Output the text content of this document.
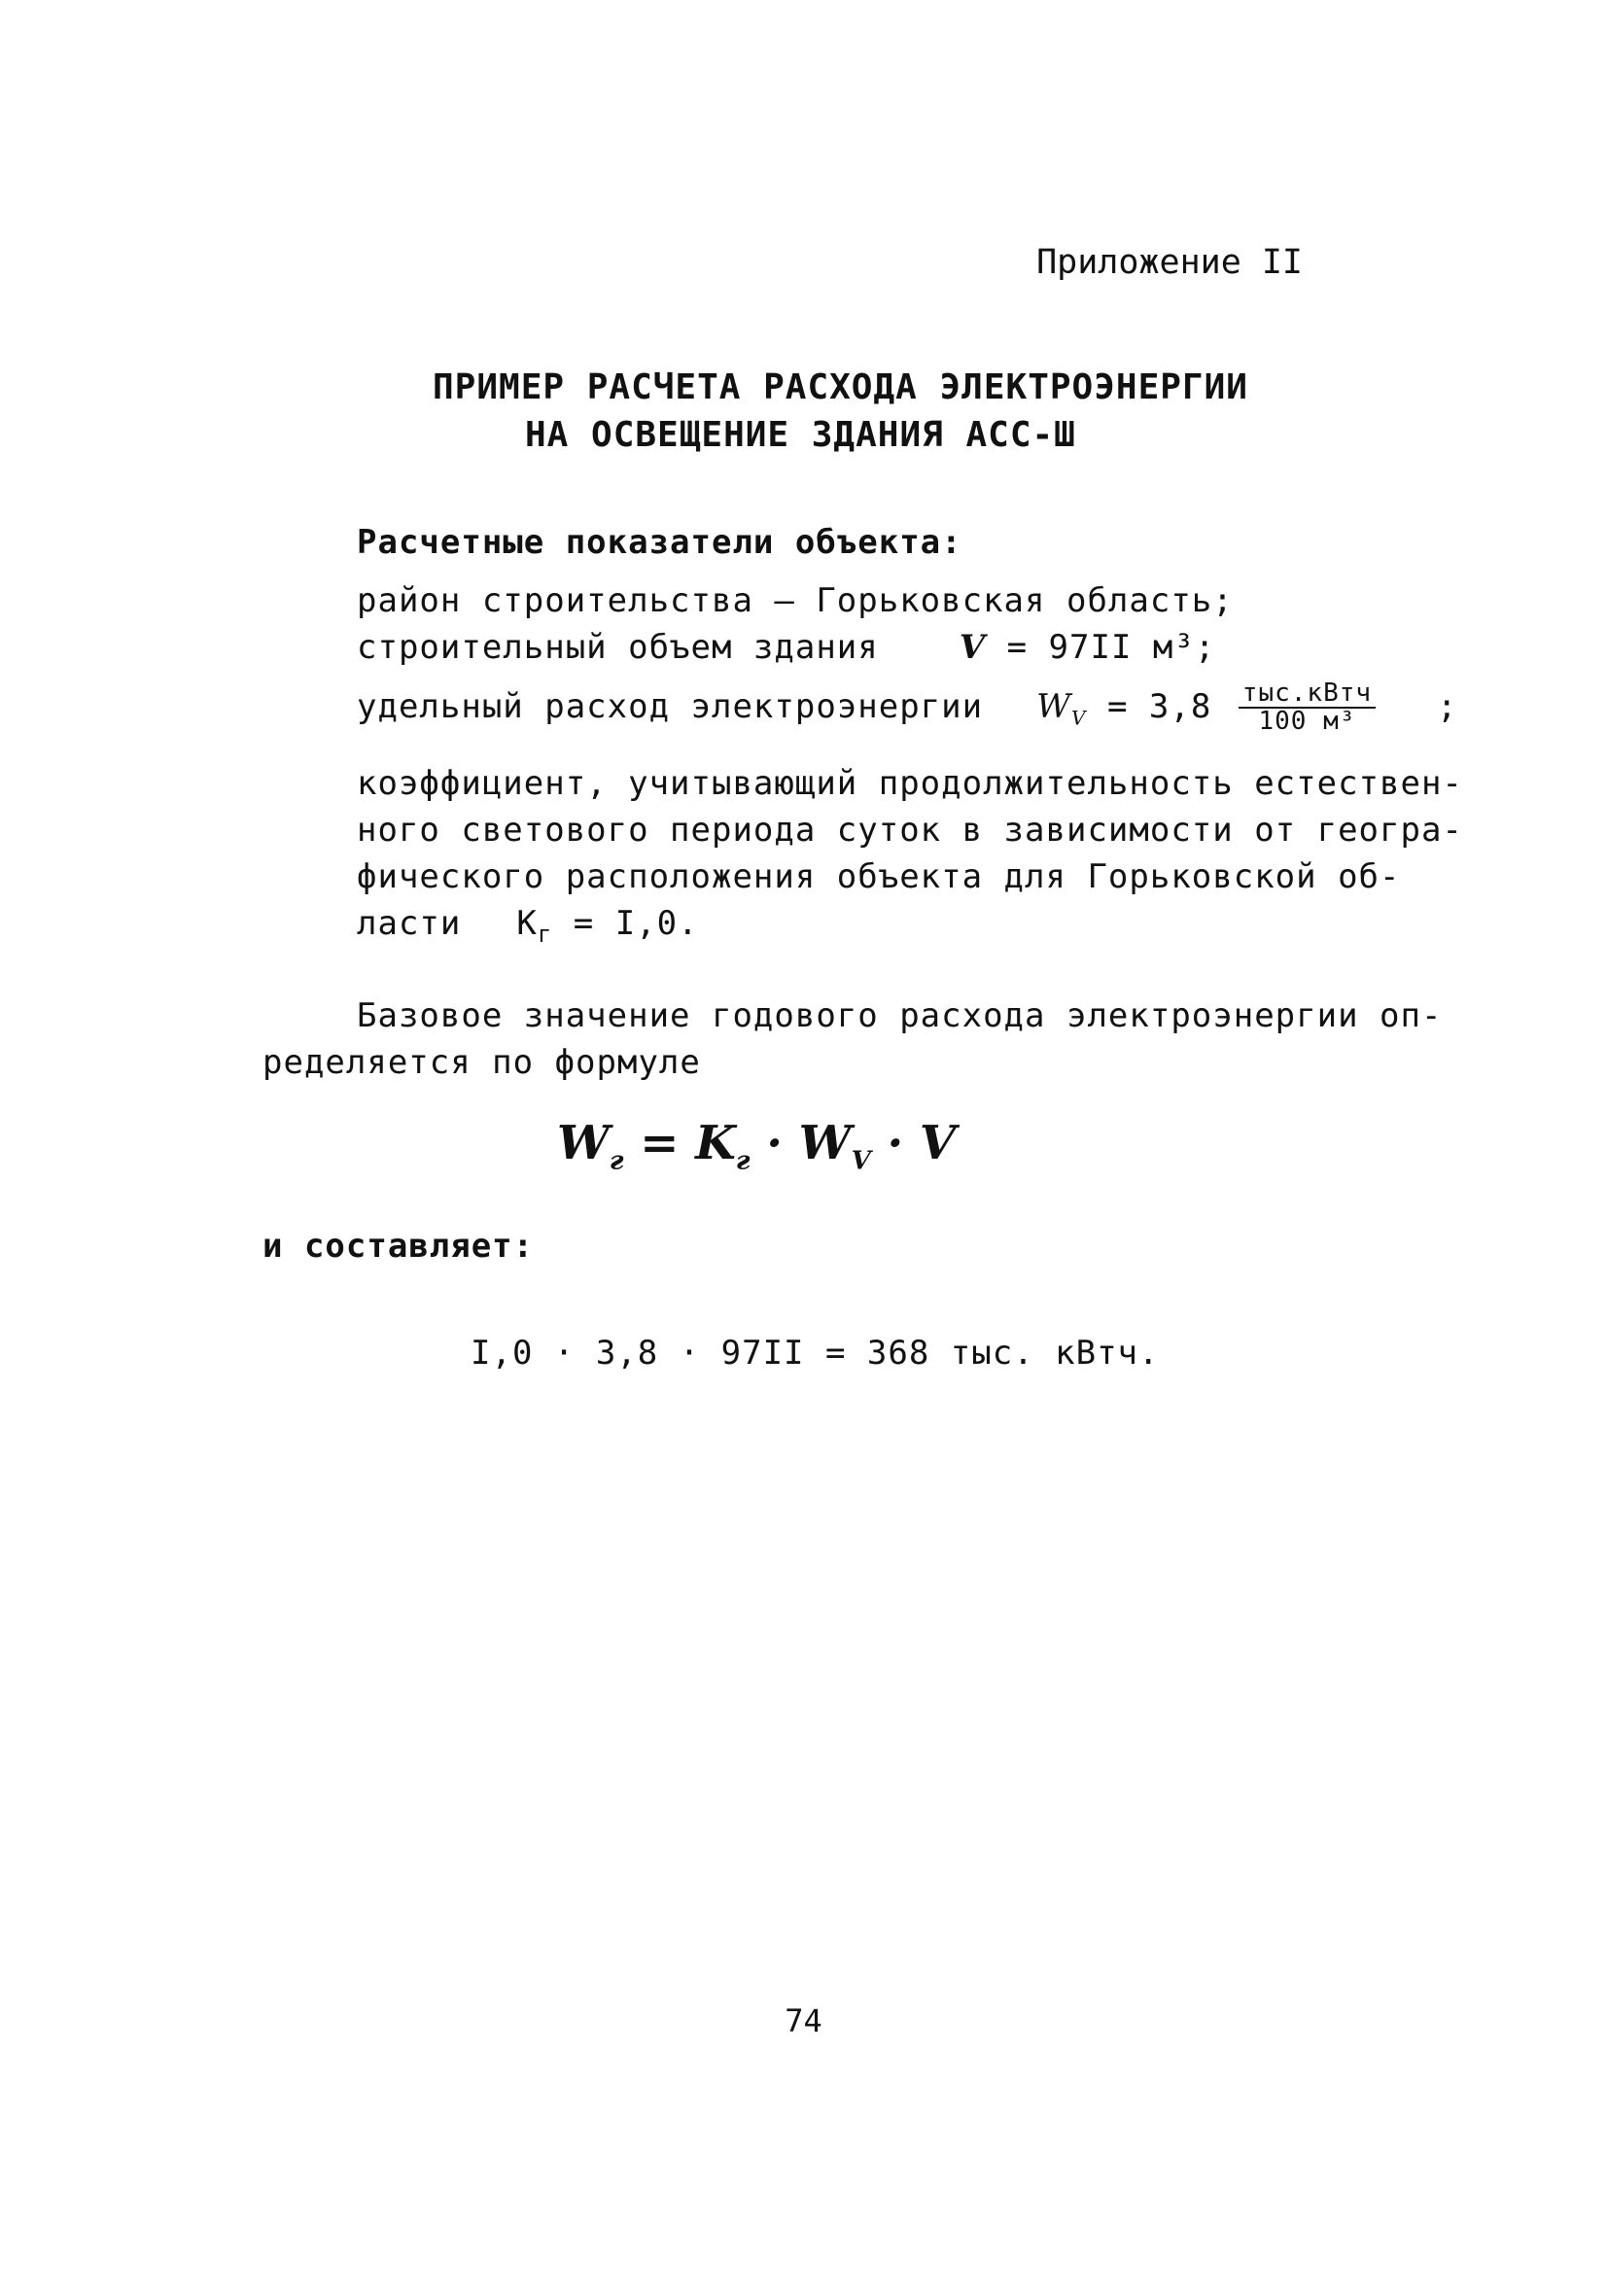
Приложение II
ПРИМЕР РАСЧЕТА РАСХОДА ЭЛЕКТРОЭНЕРГИИ
НА ОСВЕЩЕНИЕ ЗДАНИЯ АСС-Ш
Расчетные показатели объекта:
район строительства – Горьковская область;
строительный объем здания V = 97II м³;
удельный расход электроэнергии $W_V = 3,8 \frac{\text{тыс.кВтч}}{\text{100 м³}}$ ;
коэффициент, учитывающий продолжительность естествен-
ного светового периода суток в зависимости от геогра-
фического расположения объекта для Горьковской об-
ласти $К_г = I,0$.
Базовое значение годового расхода электроэнергии оп-
ределяется по формуле
$W_г = K_г \cdot W_V \cdot V$
и составляет:
I,0 · 3,8 · 97II = 368 тыс. кВтч.
74
